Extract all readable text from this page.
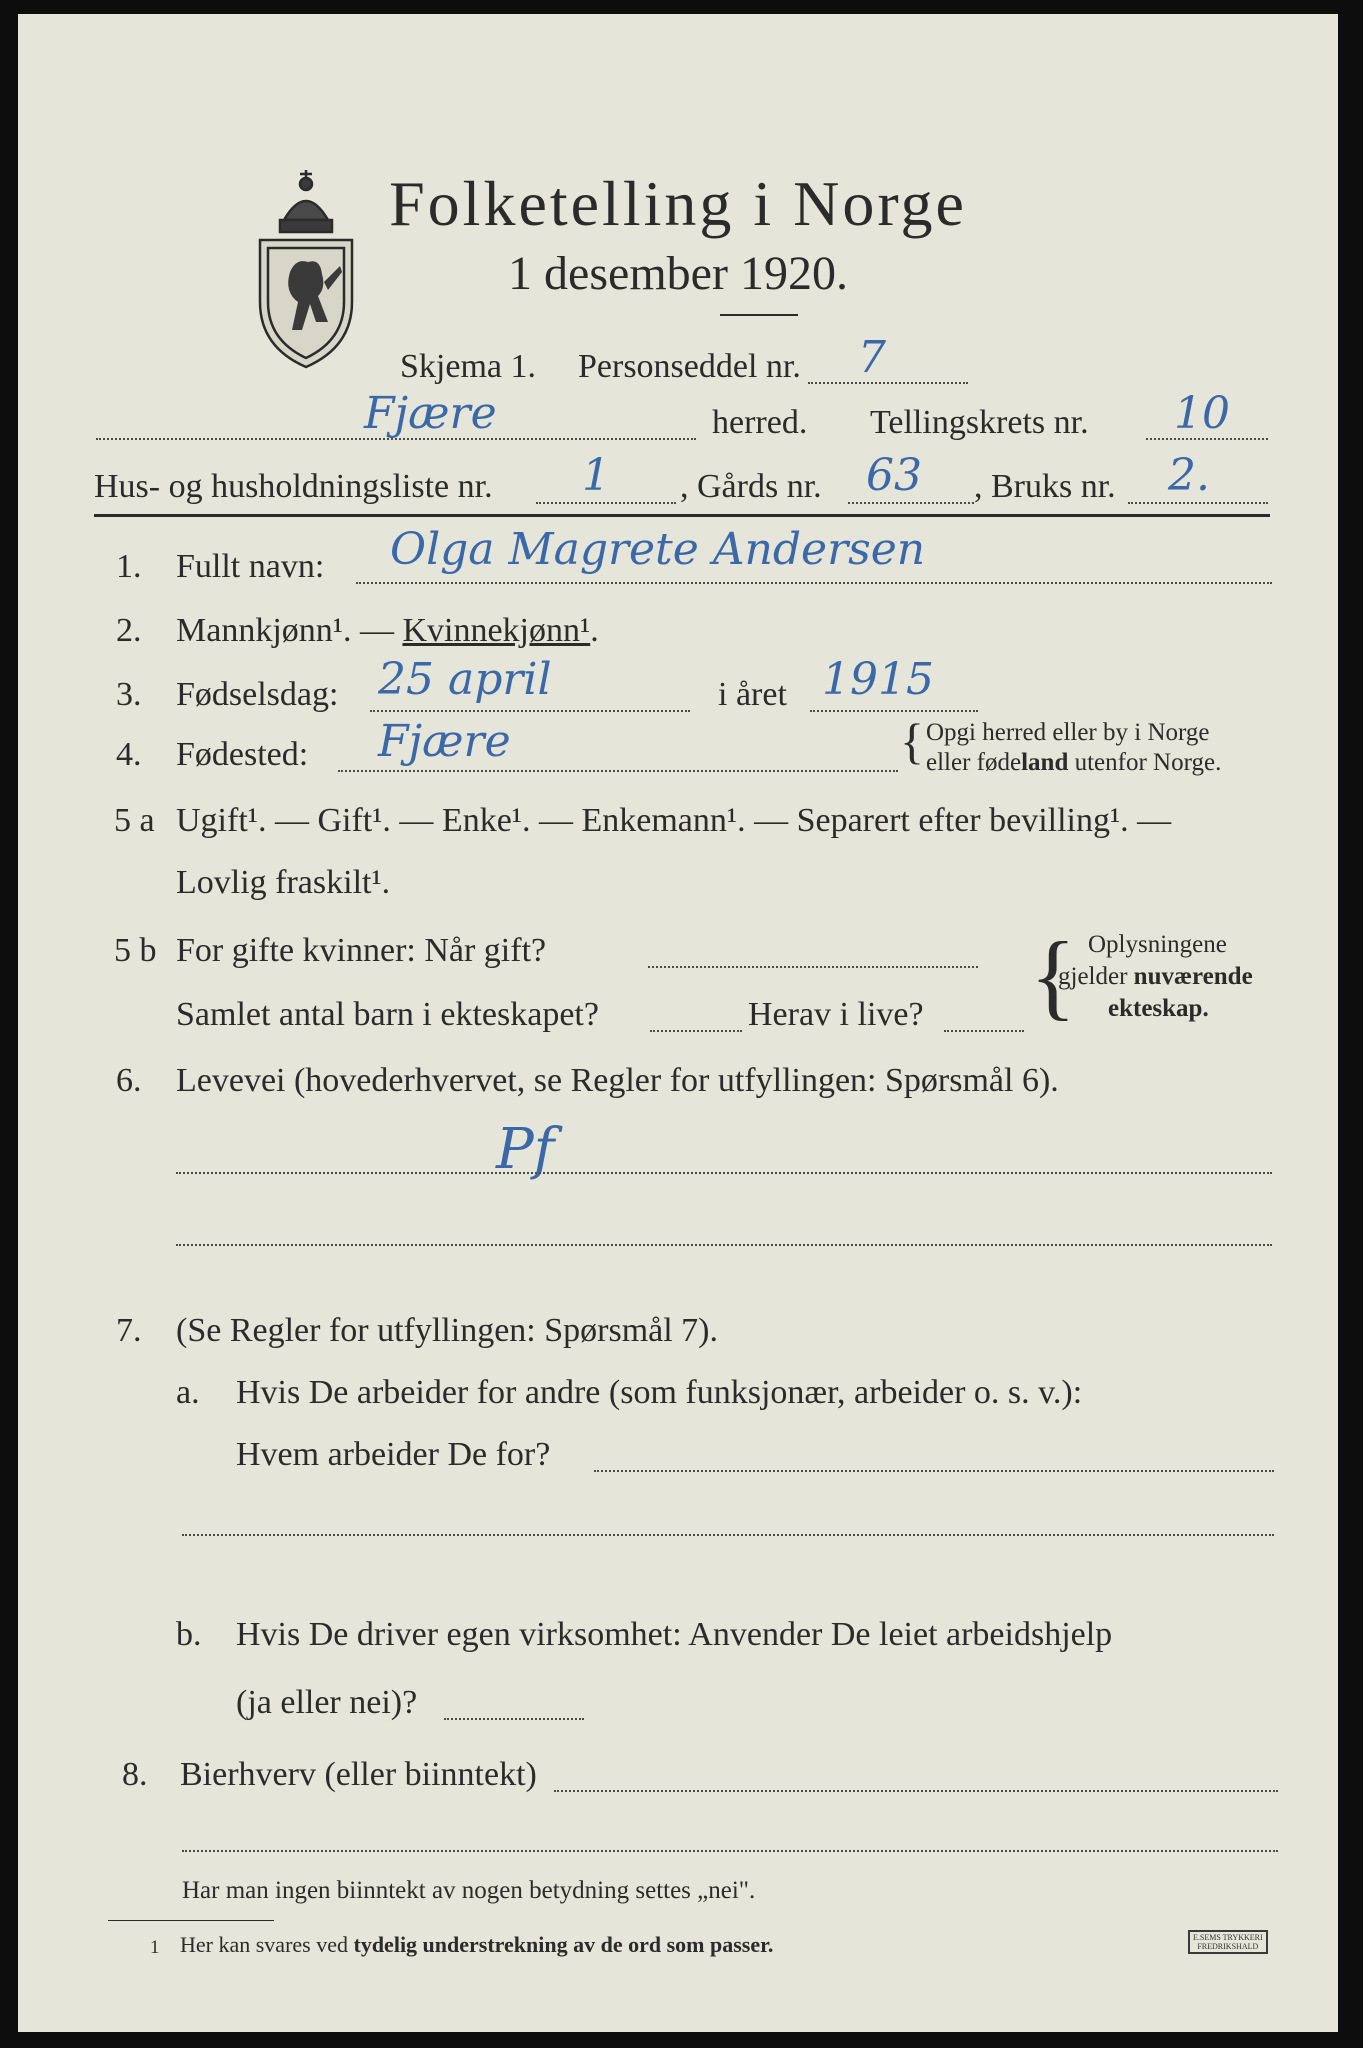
Folketelling i Norge
1 desember 1920.
Skjema 1. Personseddel nr. 7
Fjære	herred. Tellingskrets nr. 10
Hus- og husholdningsliste nr. 1 , Gårds nr. 63 , Bruks nr. 2.
1. Fullt navn: Olga Magrete Andersen
2. Mannkjønn¹. — Kvinnekjønn¹.
3. Fødselsdag: 25 april	i året 1915
4. Fødested: Fjære	{ Opgi herred eller by i Norge
eller fødeland utenfor Norge.
5 a Ugift¹. — Gift¹. — Enke¹. — Enkemann¹. — Separert efter bevilling¹. —
Lovlig fraskilt¹.
5 b For gifte kvinner: Når gift?
Samlet antal barn i ekteskapet?	Herav i live? { Oplysningene
gjelder nuværende
ekteskap.
6. Levevei (hovederhvervet, se Regler for utfyllingen: Spørsmål 6).
Pf
7. (Se Regler for utfyllingen: Spørsmål 7).
a. Hvis De arbeider for andre (som funksjonær, arbeider o. s. v.):
Hvem arbeider De for?
b. Hvis De driver egen virksomhet: Anvender De leiet arbeidshjelp
(ja eller nei)?
8. Bierhverv (eller biinntekt)
Har man ingen biinntekt av nogen betydning settes „nei".
1 Her kan svares ved tydelig understrekning av de ord som passer.	E.SEMS TRYKKERI
FREDRIKSHALD
